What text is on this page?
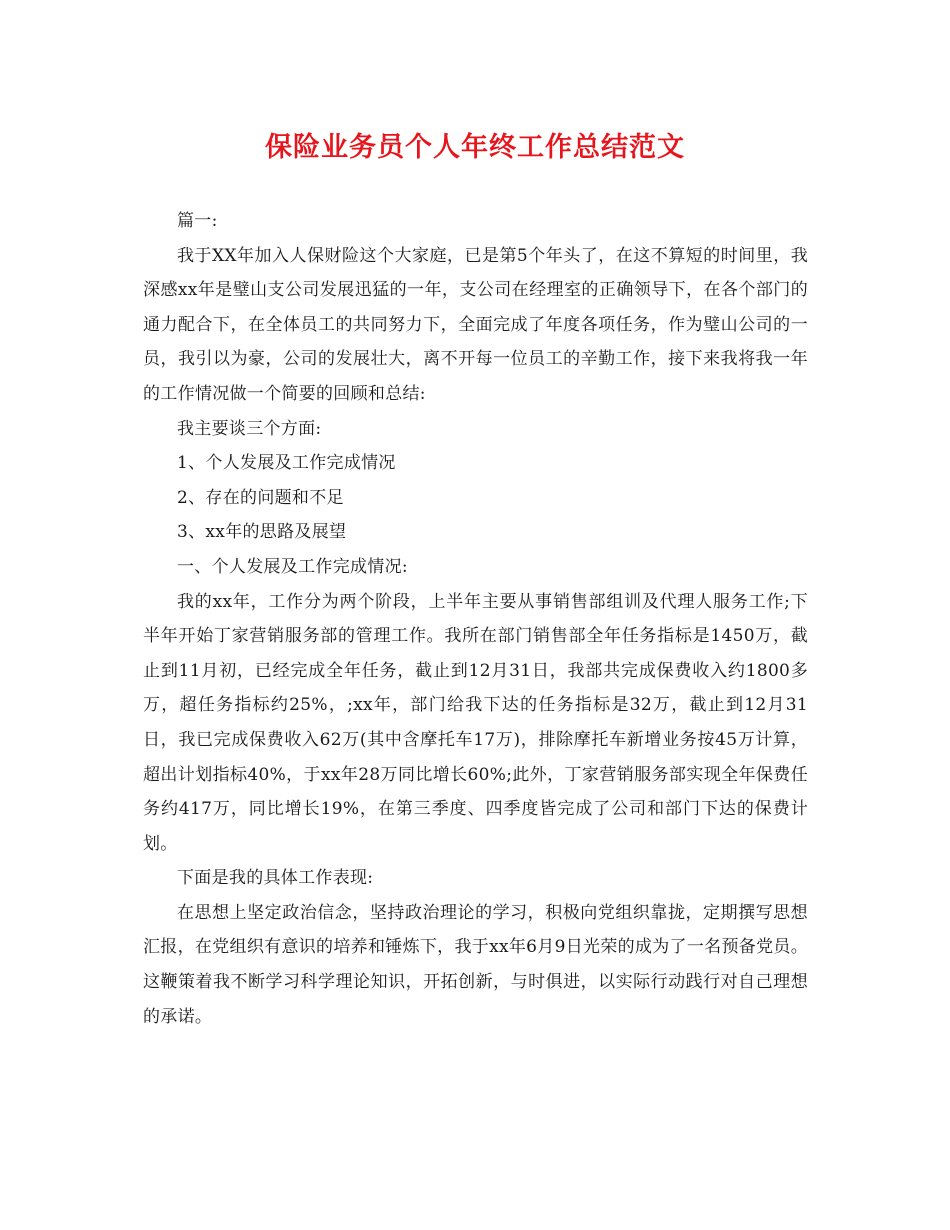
保险业务员个人年终工作总结范文

篇一:

我于XX年加入人保财险这个大家庭，已是第5个年头了，在这不算短的时间里，我深感xx年是璧山支公司发展迅猛的一年，支公司在经理室的正确领导下，在各个部门的通力配合下，在全体员工的共同努力下，全面完成了年度各项任务，作为璧山公司的一员，我引以为豪，公司的发展壮大，离不开每一位员工的辛勤工作，接下来我将我一年的工作情况做一个简要的回顾和总结:

我主要谈三个方面:

1、个人发展及工作完成情况

2、存在的问题和不足

3、xx年的思路及展望

一、个人发展及工作完成情况:

我的xx年，工作分为两个阶段，上半年主要从事销售部组训及代理人服务工作;下半年开始丁家营销服务部的管理工作。我所在部门销售部全年任务指标是1450万，截止到11月初，已经完成全年任务，截止到12月31日，我部共完成保费收入约1800多万，超任务指标约25%，;xx年，部门给我下达的任务指标是32万，截止到12月31日，我已完成保费收入62万(其中含摩托车17万)，排除摩托车新增业务按45万计算，超出计划指标40%，于xx年28万同比增长60%;此外，丁家营销服务部实现全年保费任务约417万，同比增长19%，在第三季度、四季度皆完成了公司和部门下达的保费计划。

下面是我的具体工作表现:

在思想上坚定政治信念，坚持政治理论的学习，积极向党组织靠拢，定期撰写思想汇报，在党组织有意识的培养和锤炼下，我于xx年6月9日光荣的成为了一名预备党员。这鞭策着我不断学习科学理论知识，开拓创新，与时俱进，以实际行动践行对自己理想的承诺。
